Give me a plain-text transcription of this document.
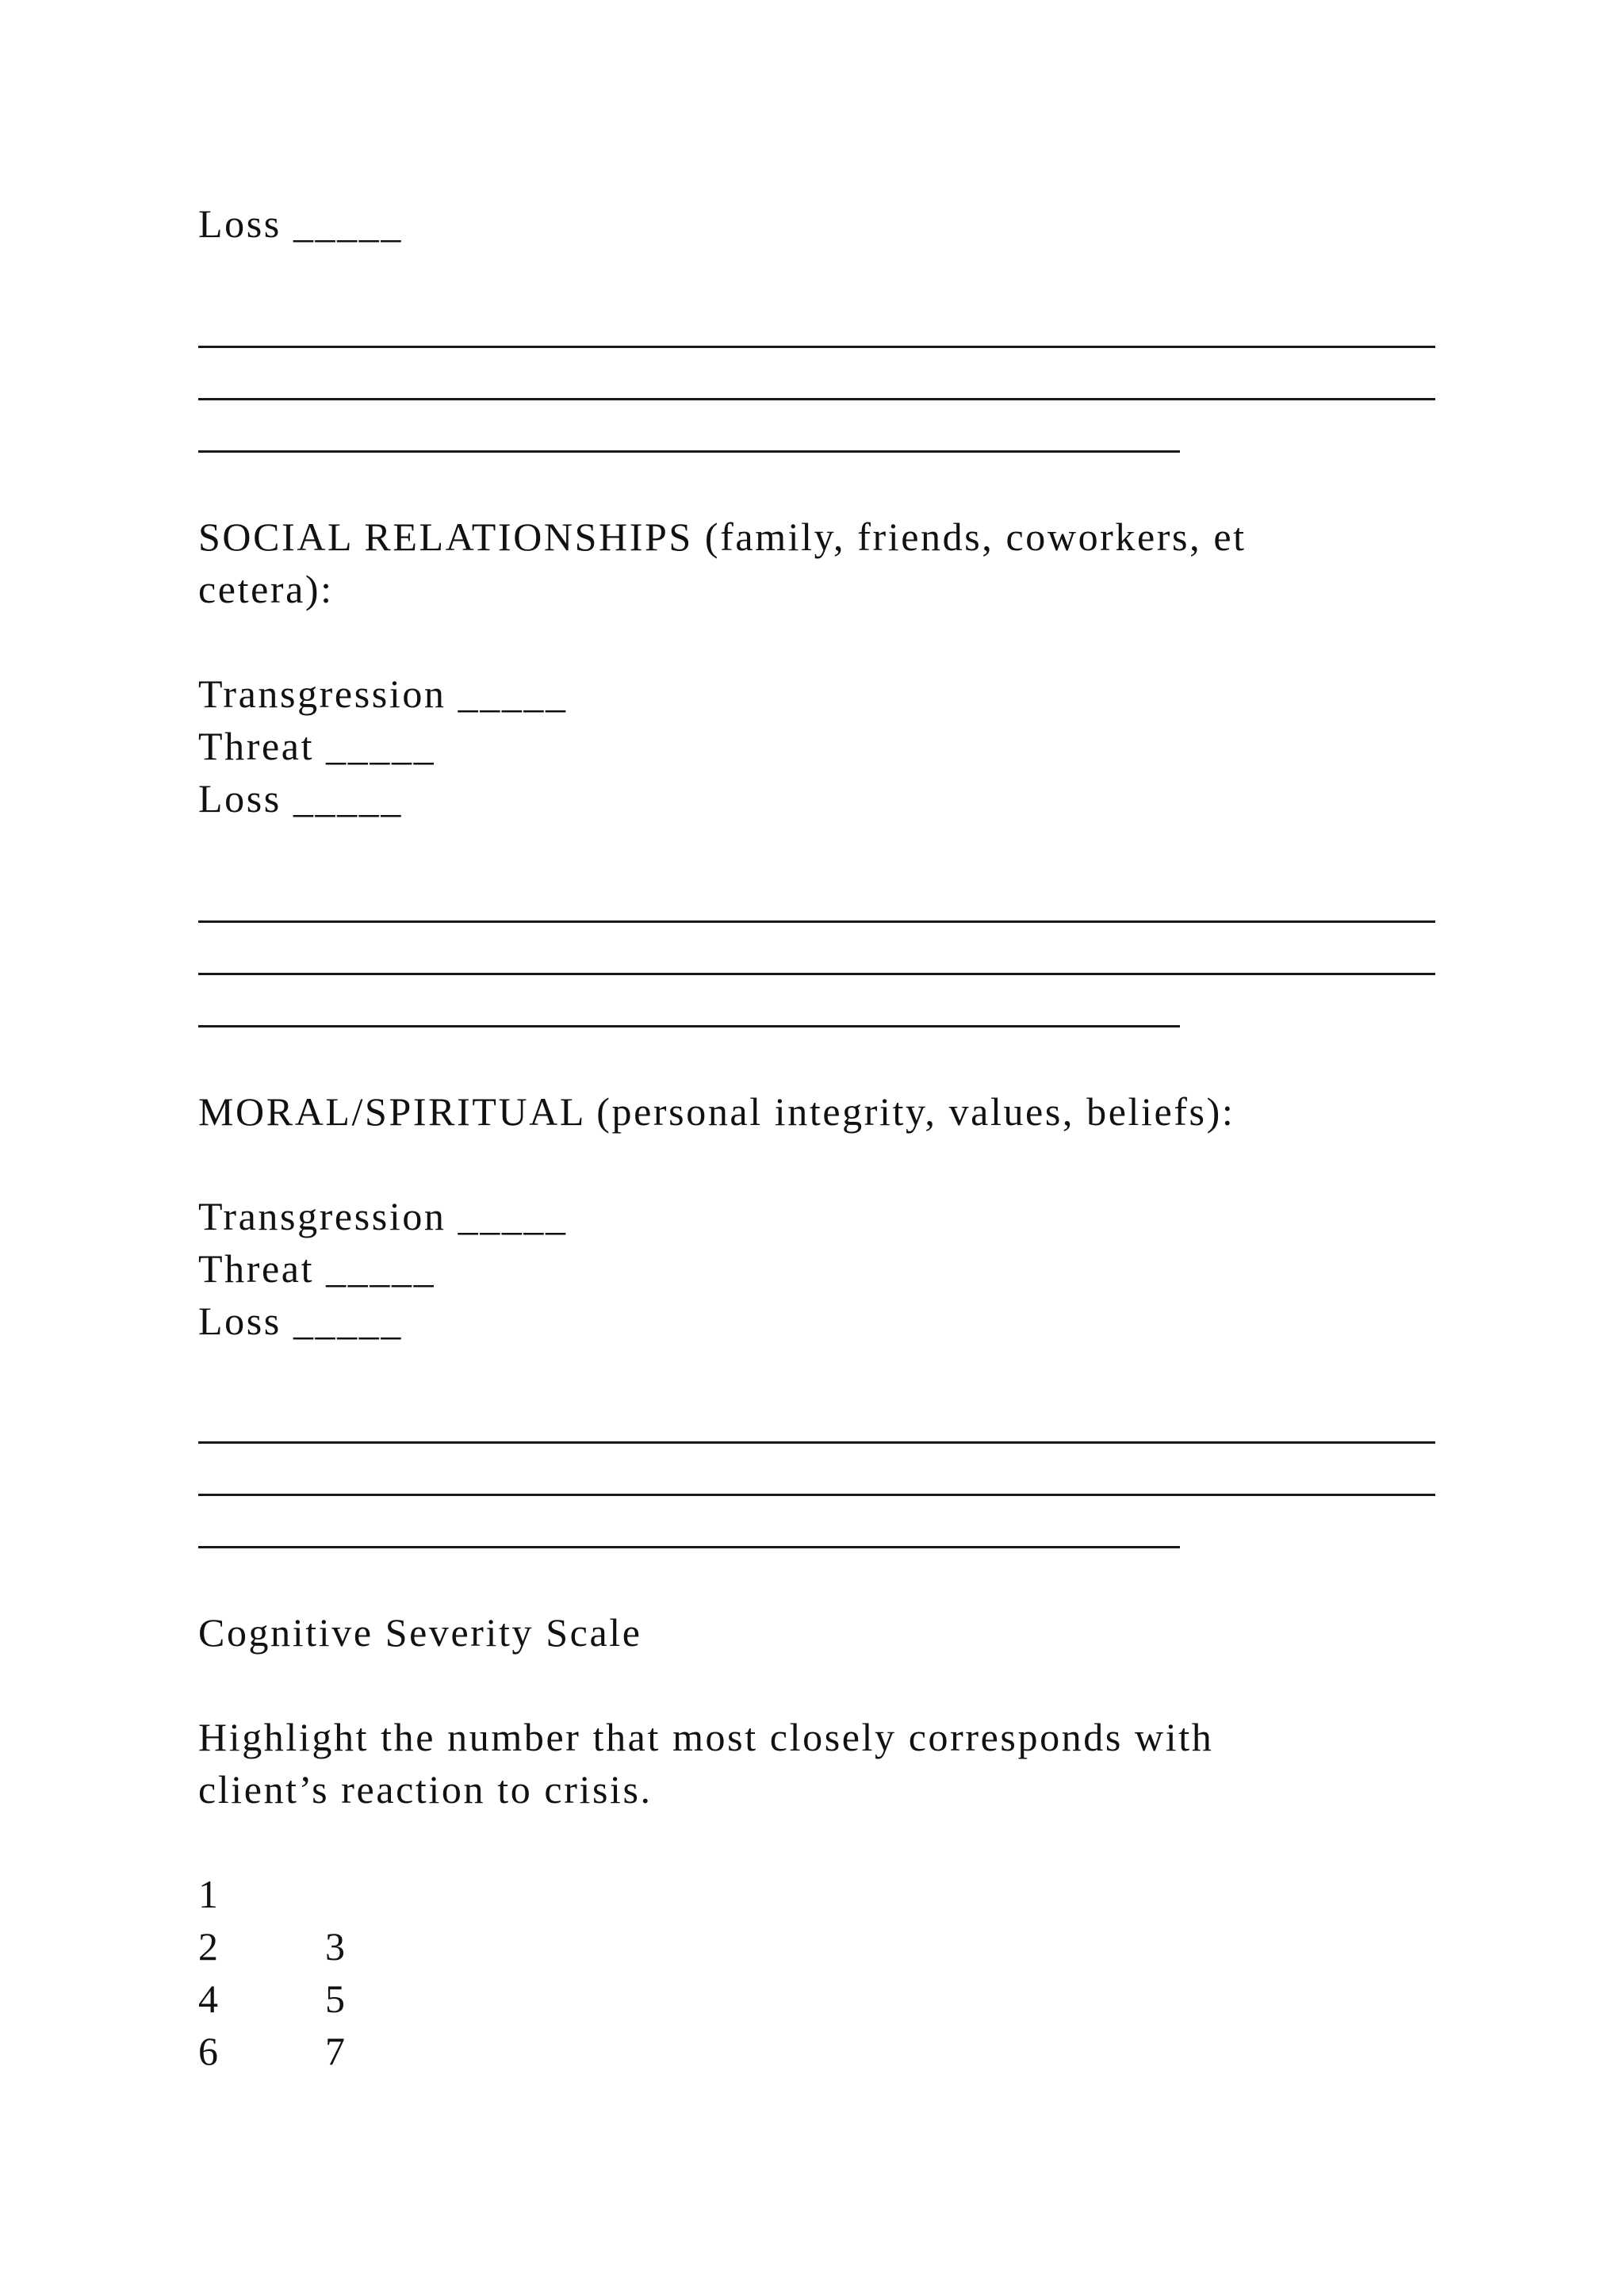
Loss _____

SOCIAL RELATIONSHIPS (family, friends, coworkers, et

cetera):

Transgression _____

Threat _____

Loss _____

MORAL/SPIRITUAL (personal integrity, values, beliefs):

Transgression _____

Threat _____

Loss _____

Cognitive Severity Scale

Highlight the number that most closely corresponds with

client’s reaction to crisis.

1

2	3

4	5

6	7
